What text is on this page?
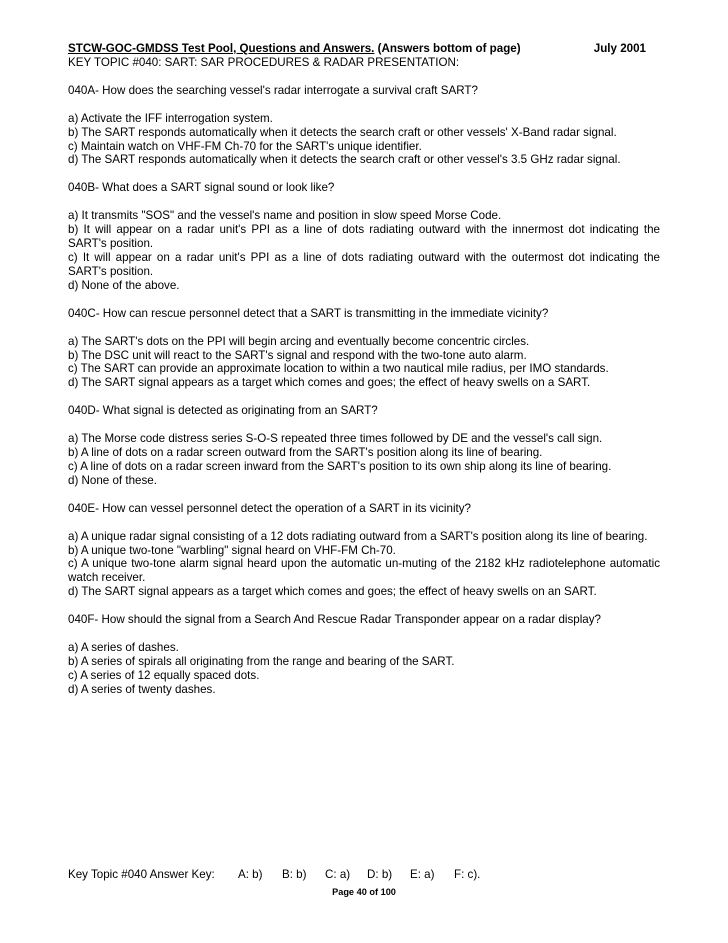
STCW-GOC-GMDSS Test Pool, Questions and Answers. (Answers bottom of page)	July 2001
KEY TOPIC #040: SART: SAR PROCEDURES & RADAR PRESENTATION:
040A- How does the searching vessel's radar interrogate a survival craft SART?
a) Activate the IFF interrogation system.
b) The SART responds automatically when it detects the search craft or other vessels' X-Band radar signal.
c) Maintain watch on VHF-FM Ch-70 for the SART's unique identifier.
d) The SART responds automatically when it detects the search craft or other vessel's 3.5 GHz radar signal.
040B- What does a SART signal sound or look like?
a) It transmits "SOS" and the vessel's name and position in slow speed Morse Code.
b) It will appear on a radar unit's PPI as a line of dots radiating outward with the innermost dot indicating the SART's position.
c) It will appear on a radar unit's PPI as a line of dots radiating outward with the outermost dot indicating the SART's position.
d) None of the above.
040C- How can rescue personnel detect that a SART is transmitting in the immediate vicinity?
a) The SART's dots on the PPI will begin arcing and eventually become concentric circles.
b) The DSC unit will react to the SART's signal and respond with the two-tone auto alarm.
c) The SART can provide an approximate location to within a two nautical mile radius, per IMO standards.
d) The SART signal appears as a target which comes and goes; the effect of heavy swells on a SART.
040D- What signal is detected as originating from an SART?
a) The Morse code distress series S-O-S repeated three times followed by DE and the vessel's call sign.
b) A line of dots on a radar screen outward from the SART's position along its line of bearing.
c) A line of dots on a radar screen inward from the SART's position to its own ship along its line of bearing.
d) None of these.
040E- How can vessel personnel detect the operation of a SART in its vicinity?
a) A unique radar signal consisting of a 12 dots radiating outward from a SART's position along its line of bearing.
b) A unique two-tone "warbling" signal heard on VHF-FM Ch-70.
c) A unique two-tone alarm signal heard upon the automatic un-muting of the 2182 kHz radiotelephone automatic watch receiver.
d) The SART signal appears as a target which comes and goes; the effect of heavy swells on an SART.
040F- How should the signal from a Search And Rescue Radar Transponder appear on a radar display?
a) A series of dashes.
b) A series of spirals all originating from the range and bearing of the SART.
c) A series of 12 equally spaced dots.
d) A series of twenty dashes.
Key Topic #040 Answer Key:	A: b)	B: b)	C: a)	D: b)	E: a)	F: c).
Page 40 of 100
